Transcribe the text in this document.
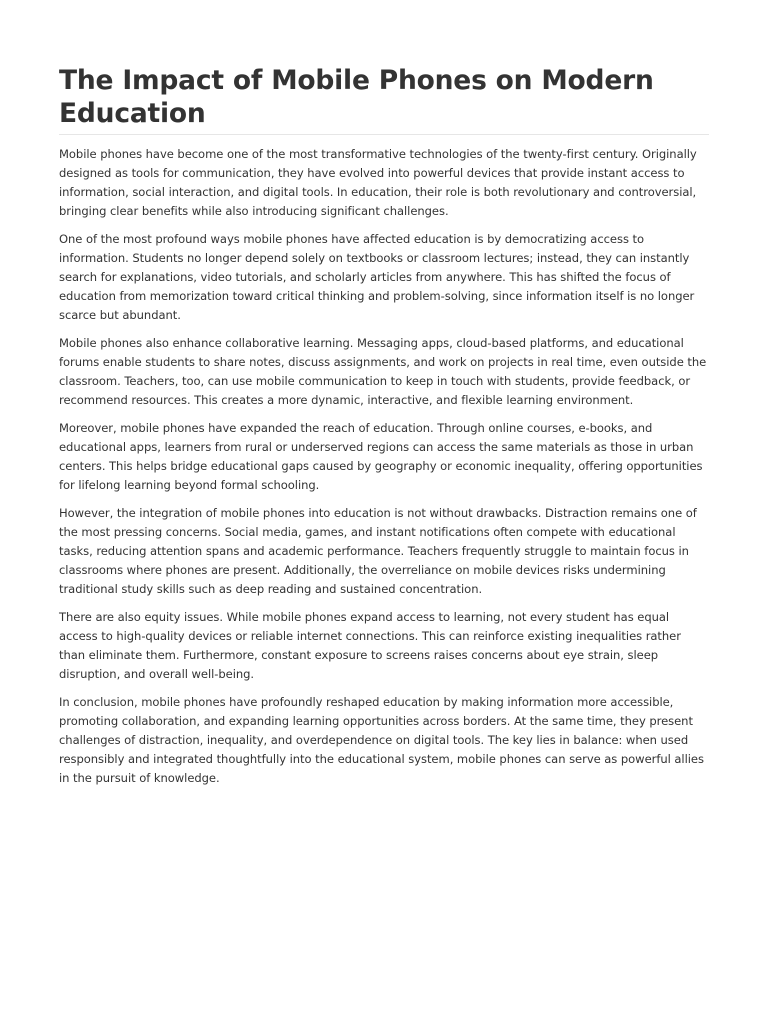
The Impact of Mobile Phones on Modern Education

Mobile phones have become one of the most transformative technologies of the twenty-first century. Originally designed as tools for communication, they have evolved into powerful devices that provide instant access to information, social interaction, and digital tools. In education, their role is both revolutionary and controversial, bringing clear benefits while also introducing significant challenges.

One of the most profound ways mobile phones have affected education is by democratizing access to information. Students no longer depend solely on textbooks or classroom lectures; instead, they can instantly search for explanations, video tutorials, and scholarly articles from anywhere. This has shifted the focus of education from memorization toward critical thinking and problem-solving, since information itself is no longer scarce but abundant.

Mobile phones also enhance collaborative learning. Messaging apps, cloud-based platforms, and educational forums enable students to share notes, discuss assignments, and work on projects in real time, even outside the classroom. Teachers, too, can use mobile communication to keep in touch with students, provide feedback, or recommend resources. This creates a more dynamic, interactive, and flexible learning environment.

Moreover, mobile phones have expanded the reach of education. Through online courses, e-books, and educational apps, learners from rural or underserved regions can access the same materials as those in urban centers. This helps bridge educational gaps caused by geography or economic inequality, offering opportunities for lifelong learning beyond formal schooling.

However, the integration of mobile phones into education is not without drawbacks. Distraction remains one of the most pressing concerns. Social media, games, and instant notifications often compete with educational tasks, reducing attention spans and academic performance. Teachers frequently struggle to maintain focus in classrooms where phones are present. Additionally, the overreliance on mobile devices risks undermining traditional study skills such as deep reading and sustained concentration.

There are also equity issues. While mobile phones expand access to learning, not every student has equal access to high-quality devices or reliable internet connections. This can reinforce existing inequalities rather than eliminate them. Furthermore, constant exposure to screens raises concerns about eye strain, sleep disruption, and overall well-being.

In conclusion, mobile phones have profoundly reshaped education by making information more accessible, promoting collaboration, and expanding learning opportunities across borders. At the same time, they present challenges of distraction, inequality, and overdependence on digital tools. The key lies in balance: when used responsibly and integrated thoughtfully into the educational system, mobile phones can serve as powerful allies in the pursuit of knowledge.
